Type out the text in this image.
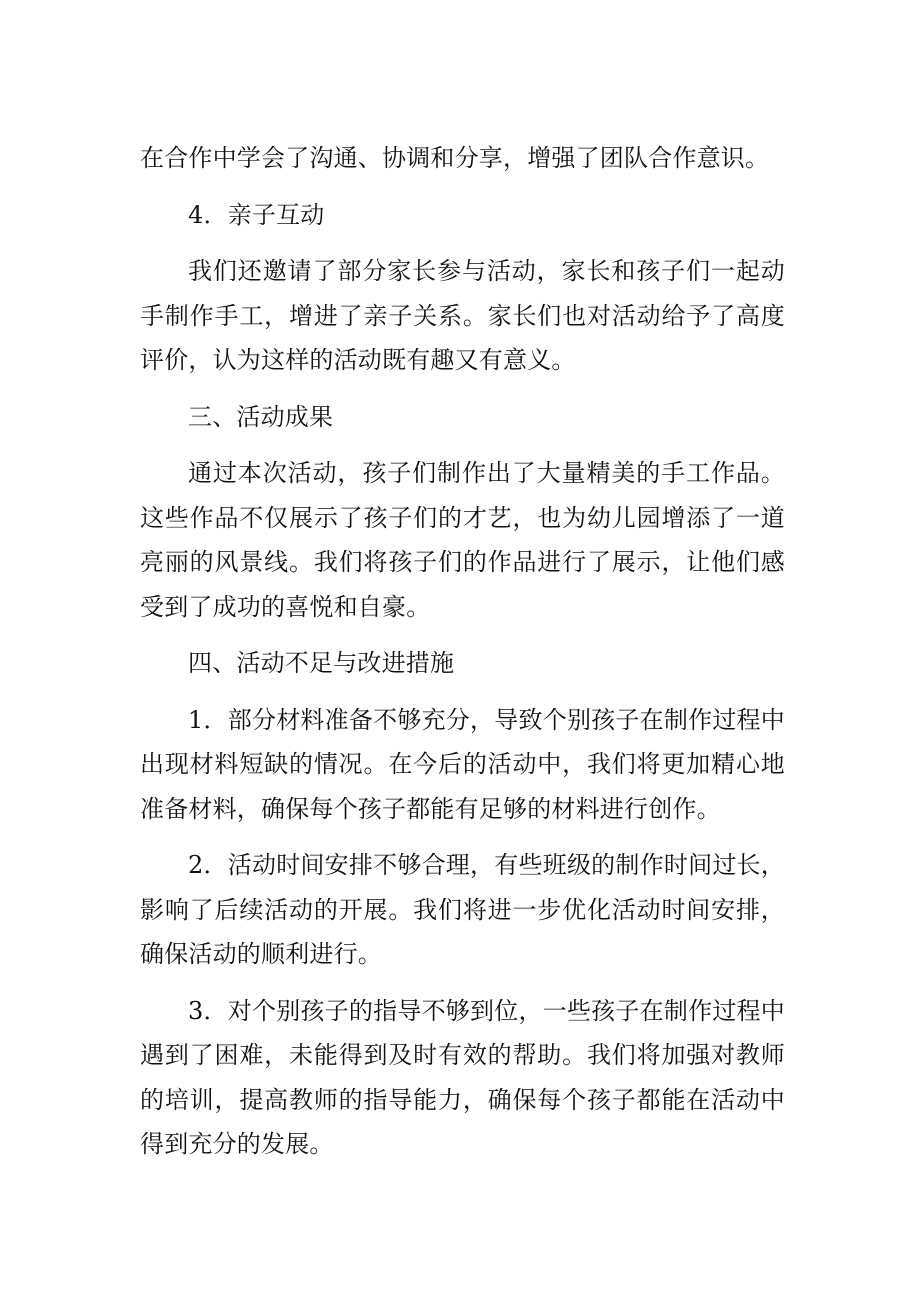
在合作中学会了沟通、协调和分享，增强了团队合作意识。

4．亲子互动

我们还邀请了部分家长参与活动，家长和孩子们一起动手制作手工，增进了亲子关系。家长们也对活动给予了高度评价，认为这样的活动既有趣又有意义。

三、活动成果

通过本次活动，孩子们制作出了大量精美的手工作品。这些作品不仅展示了孩子们的才艺，也为幼儿园增添了一道亮丽的风景线。我们将孩子们的作品进行了展示，让他们感受到了成功的喜悦和自豪。

四、活动不足与改进措施

1．部分材料准备不够充分，导致个别孩子在制作过程中出现材料短缺的情况。在今后的活动中，我们将更加精心地准备材料，确保每个孩子都能有足够的材料进行创作。

2．活动时间安排不够合理，有些班级的制作时间过长，影响了后续活动的开展。我们将进一步优化活动时间安排，确保活动的顺利进行。

3．对个别孩子的指导不够到位，一些孩子在制作过程中遇到了困难，未能得到及时有效的帮助。我们将加强对教师的培训，提高教师的指导能力，确保每个孩子都能在活动中得到充分的发展。
